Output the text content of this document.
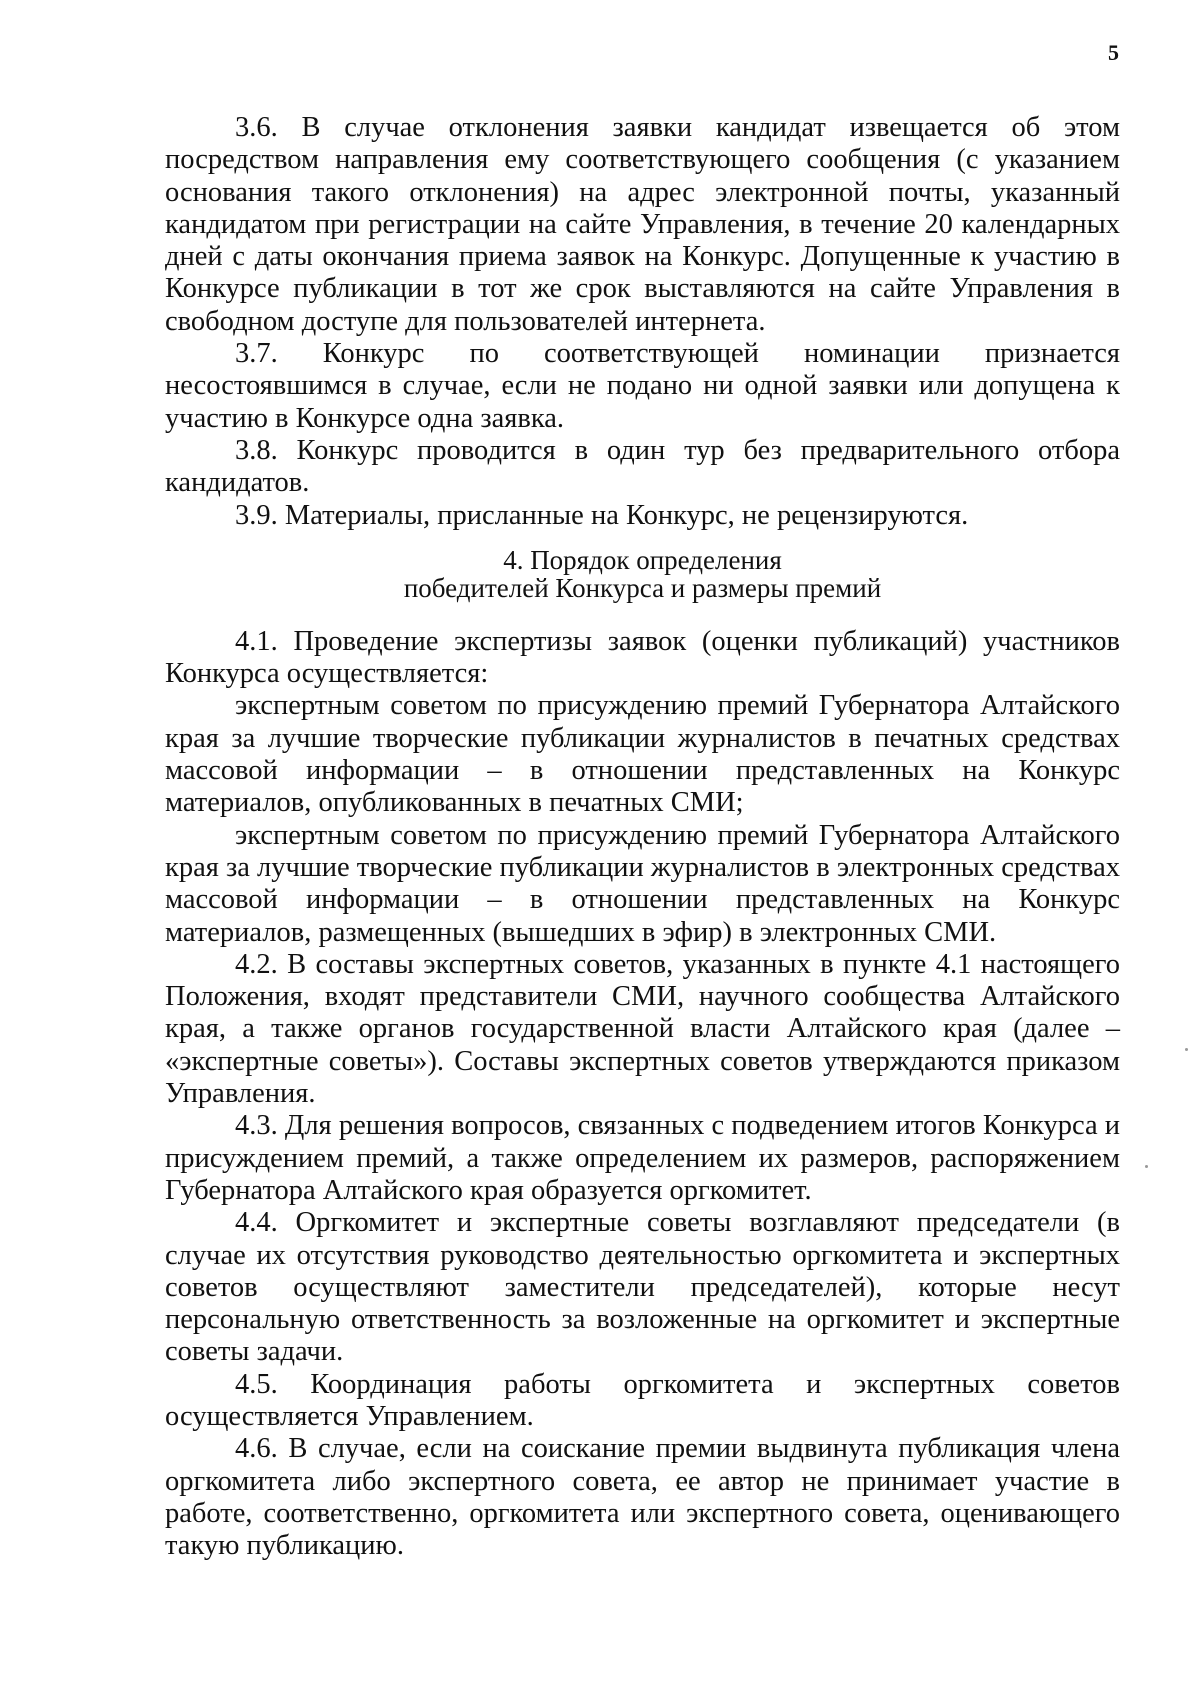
5

3.6. В случае отклонения заявки кандидат извещается об этом посредством направления ему соответствующего сообщения (с указанием основания такого отклонения) на адрес электронной почты, указанный кандидатом при регистрации на сайте Управления, в течение 20 календарных дней с даты окончания приема заявок на Конкурс. Допущенные к участию в Конкурсе публикации в тот же срок выставляются на сайте Управления в свободном доступе для пользователей интернета.

3.7. Конкурс по соответствующей номинации признается несостоявшимся в случае, если не подано ни одной заявки или допущена к участию в Конкурсе одна заявка.

3.8. Конкурс проводится в один тур без предварительного отбора кандидатов.

3.9. Материалы, присланные на Конкурс, не рецензируются.

4. Порядок определения
победителей Конкурса и размеры премий

4.1. Проведение экспертизы заявок (оценки публикаций) участников Конкурса осуществляется:

экспертным советом по присуждению премий Губернатора Алтайского края за лучшие творческие публикации журналистов в печатных средствах массовой информации – в отношении представленных на Конкурс материалов, опубликованных в печатных СМИ;

экспертным советом по присуждению премий Губернатора Алтайского края за лучшие творческие публикации журналистов в электронных средствах массовой информации – в отношении представленных на Конкурс материалов, размещенных (вышедших в эфир) в электронных СМИ.

4.2. В составы экспертных советов, указанных в пункте 4.1 настоящего Положения, входят представители СМИ, научного сообщества Алтайского края, а также органов государственной власти Алтайского края (далее – «экспертные советы»). Составы экспертных советов утверждаются приказом Управления.

4.3. Для решения вопросов, связанных с подведением итогов Конкурса и присуждением премий, а также определением их размеров, распоряжением Губернатора Алтайского края образуется оргкомитет.

4.4. Оргкомитет и экспертные советы возглавляют председатели (в случае их отсутствия руководство деятельностью оргкомитета и экспертных советов осуществляют заместители председателей), которые несут персональную ответственность за возложенные на оргкомитет и экспертные советы задачи.

4.5. Координация работы оргкомитета и экспертных советов осуществляется Управлением.

4.6. В случае, если на соискание премии выдвинута публикация члена оргкомитета либо экспертного совета, ее автор не принимает участие в работе, соответственно, оргкомитета или экспертного совета, оценивающего такую публикацию.
